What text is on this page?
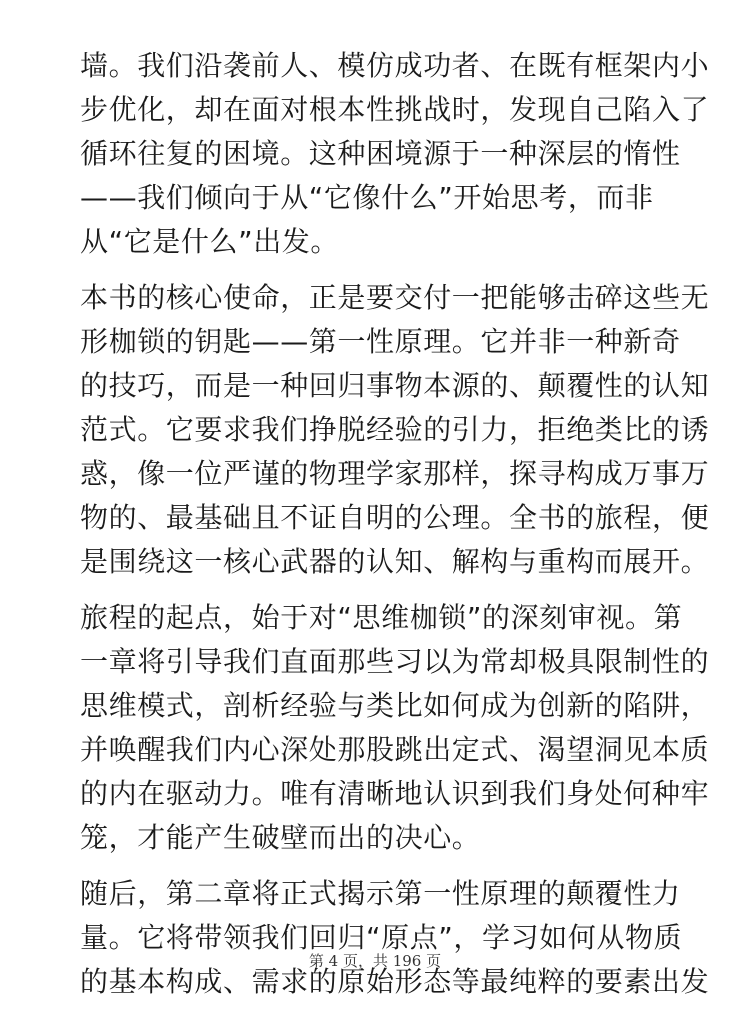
墙。我们沿袭前人、模仿成功者、在既有框架内小
步优化，却在面对根本性挑战时，发现自己陷入了
循环往复的困境。这种困境源于一种深层的惰性
——我们倾向于从“它像什么”开始思考，而非
从“它是什么”出发。
本书的核心使命，正是要交付一把能够击碎这些无
形枷锁的钥匙——第一性原理。它并非一种新奇
的技巧，而是一种回归事物本源的、颠覆性的认知
范式。它要求我们挣脱经验的引力，拒绝类比的诱
惑，像一位严谨的物理学家那样，探寻构成万事万
物的、最基础且不证自明的公理。全书的旅程，便
是围绕这一核心武器的认知、解构与重构而展开。
旅程的起点，始于对“思维枷锁”的深刻审视。第
一章将引导我们直面那些习以为常却极具限制性的
思维模式，剖析经验与类比如何成为创新的陷阱，
并唤醒我们内心深处那股跳出定式、渴望洞见本质
的内在驱动力。唯有清晰地认识到我们身处何种牢
笼，才能产生破壁而出的决心。
随后，第二章将正式揭示第一性原理的颠覆性力
量。它将带领我们回归“原点”，学习如何从物质
的基本构成、需求的原始形态等最纯粹的要素出发
第 4 页，共 196 页
